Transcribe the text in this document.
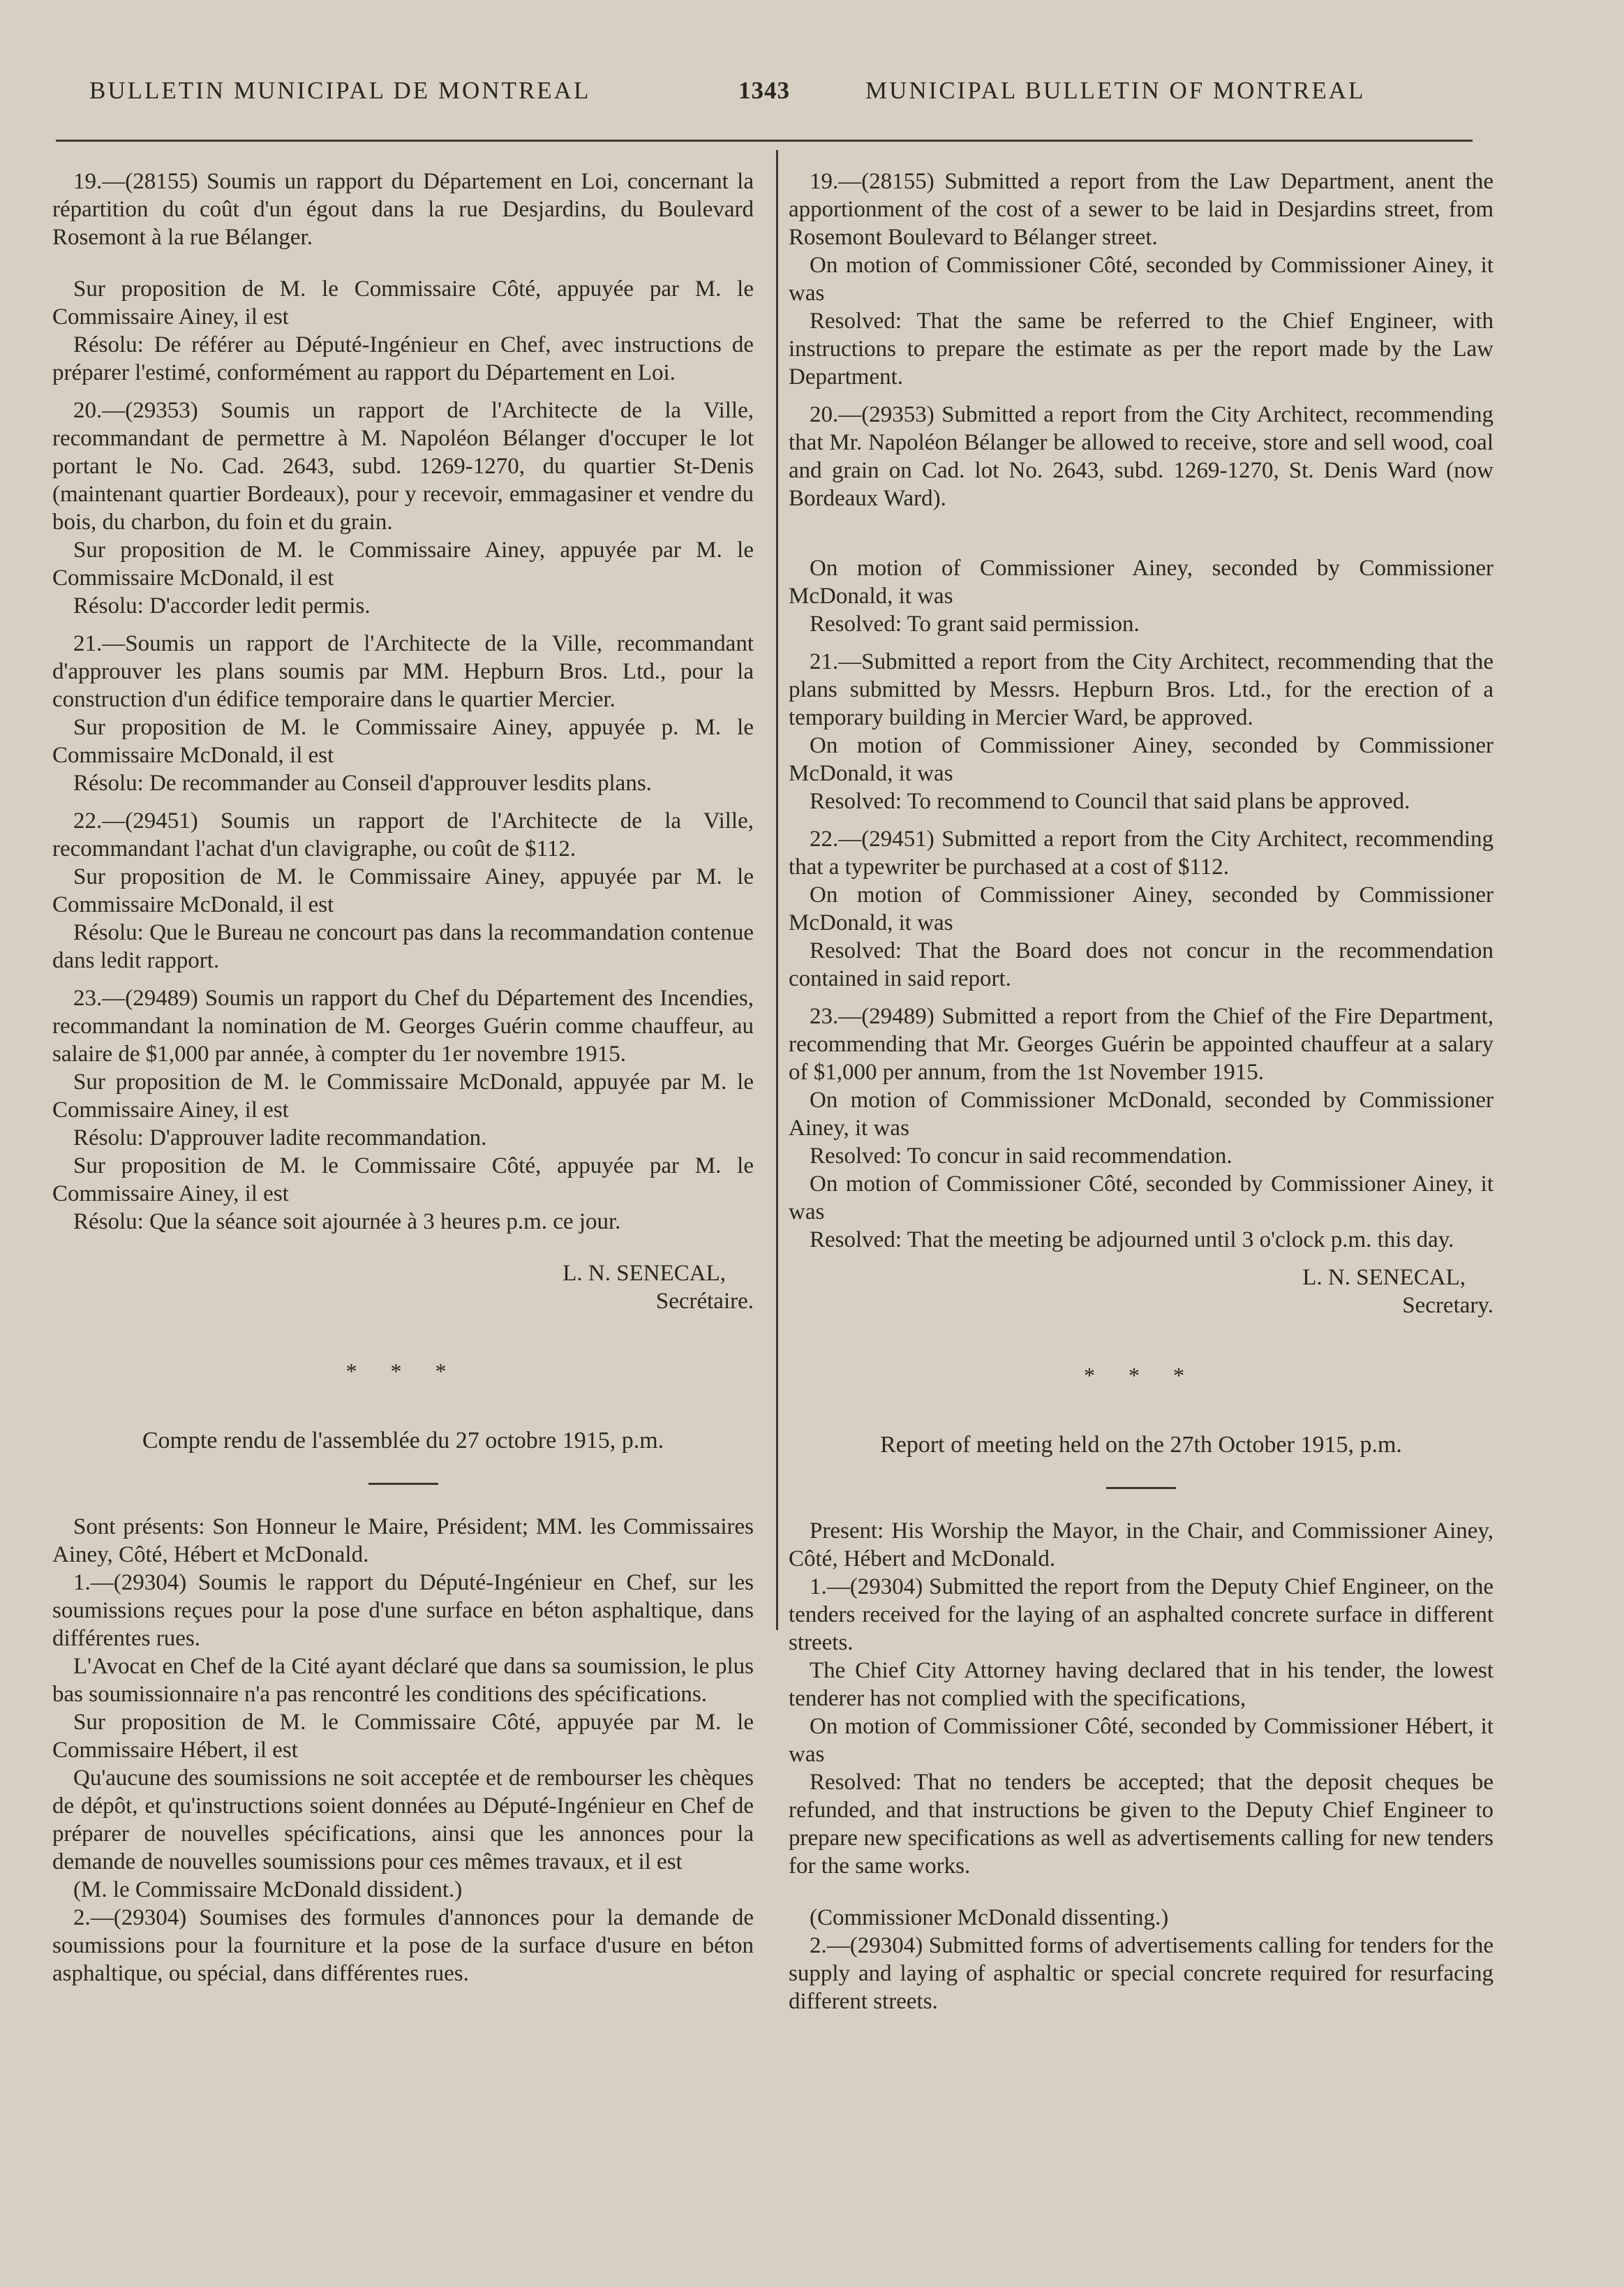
BULLETIN MUNICIPAL DE MONTREAL	1343	MUNICIPAL BULLETIN OF MONTREAL

19.—(28155) Soumis un rapport du Département en Loi, concernant la répartition du coût d'un égout dans la rue Desjardins, du Boulevard Rosemont à la rue Bélanger.

Sur proposition de M. le Commissaire Côté, appuyée par M. le Commissaire Ainey, il est

Résolu: De référer au Député-Ingénieur en Chef, avec instructions de préparer l'estimé, conformément au rapport du Département en Loi.

20.—(29353) Soumis un rapport de l'Architecte de la Ville, recommandant de permettre à M. Napoléon Bélanger d'occuper le lot portant le No. Cad. 2643, subd. 1269-1270, du quartier St-Denis (maintenant quartier Bordeaux), pour y recevoir, emmagasiner et vendre du bois, du charbon, du foin et du grain.

Sur proposition de M. le Commissaire Ainey, appuyée par M. le Commissaire McDonald, il est

Résolu: D'accorder ledit permis.

21.—Soumis un rapport de l'Architecte de la Ville, recommandant d'approuver les plans soumis par MM. Hepburn Bros. Ltd., pour la construction d'un édifice temporaire dans le quartier Mercier.

Sur proposition de M. le Commissaire Ainey, appuyée p. M. le Commissaire McDonald, il est

Résolu: De recommander au Conseil d'approuver lesdits plans.

22.—(29451) Soumis un rapport de l'Architecte de la Ville, recommandant l'achat d'un clavigraphe, ou coût de $112.

Sur proposition de M. le Commissaire Ainey, appuyée par M. le Commissaire McDonald, il est

Résolu: Que le Bureau ne concourt pas dans la recommandation contenue dans ledit rapport.

23.—(29489) Soumis un rapport du Chef du Département des Incendies, recommandant la nomination de M. Georges Guérin comme chauffeur, au salaire de $1,000 par année, à compter du 1er novembre 1915.

Sur proposition de M. le Commissaire McDonald, appuyée par M. le Commissaire Ainey, il est

Résolu: D'approuver ladite recommandation.

Sur proposition de M. le Commissaire Côté, appuyée par M. le Commissaire Ainey, il est

Résolu: Que la séance soit ajournée à 3 heures p.m. ce jour.

L. N. SENECAL,

Secrétaire.

* * *

Compte rendu de l'assemblée du 27 octobre 1915, p.m.

Sont présents: Son Honneur le Maire, Président; MM. les Commissaires Ainey, Côté, Hébert et McDonald.

1.—(29304) Soumis le rapport du Député-Ingénieur en Chef, sur les soumissions reçues pour la pose d'une surface en béton asphaltique, dans différentes rues.

L'Avocat en Chef de la Cité ayant déclaré que dans sa soumission, le plus bas soumissionnaire n'a pas rencontré les conditions des spécifications.

Sur proposition de M. le Commissaire Côté, appuyée par M. le Commissaire Hébert, il est

Qu'aucune des soumissions ne soit acceptée et de rembourser les chèques de dépôt, et qu'instructions soient données au Député-Ingénieur en Chef de préparer de nouvelles spécifications, ainsi que les annonces pour la demande de nouvelles soumissions pour ces mêmes travaux, et il est

(M. le Commissaire McDonald dissident.)

2.—(29304) Soumises des formules d'annonces pour la demande de soumissions pour la fourniture et la pose de la surface d'usure en béton asphaltique, ou spécial, dans différentes rues.

19.—(28155) Submitted a report from the Law Department, anent the apportionment of the cost of a sewer to be laid in Desjardins street, from Rosemont Boulevard to Bélanger street.

On motion of Commissioner Côté, seconded by Commissioner Ainey, it was

Resolved: That the same be referred to the Chief Engineer, with instructions to prepare the estimate as per the report made by the Law Department.

20.—(29353) Submitted a report from the City Architect, recommending that Mr. Napoléon Bélanger be allowed to receive, store and sell wood, coal and grain on Cad. lot No. 2643, subd. 1269-1270, St. Denis Ward (now Bordeaux Ward).

On motion of Commissioner Ainey, seconded by Commissioner McDonald, it was

Resolved: To grant said permission.

21.—Submitted a report from the City Architect, recommending that the plans submitted by Messrs. Hepburn Bros. Ltd., for the erection of a temporary building in Mercier Ward, be approved.

On motion of Commissioner Ainey, seconded by Commissioner McDonald, it was

Resolved: To recommend to Council that said plans be approved.

22.—(29451) Submitted a report from the City Architect, recommending that a typewriter be purchased at a cost of $112.

On motion of Commissioner Ainey, seconded by Commissioner McDonald, it was

Resolved: That the Board does not concur in the recommendation contained in said report.

23.—(29489) Submitted a report from the Chief of the Fire Department, recommending that Mr. Georges Guérin be appointed chauffeur at a salary of $1,000 per annum, from the 1st November 1915.

On motion of Commissioner McDonald, seconded by Commissioner Ainey, it was

Resolved: To concur in said recommendation.

On motion of Commissioner Côté, seconded by Commissioner Ainey, it was

Resolved: That the meeting be adjourned until 3 o'clock p.m. this day.

L. N. SENECAL,

Secretary.

* * *

Report of meeting held on the 27th October 1915, p.m.

Present: His Worship the Mayor, in the Chair, and Commissioner Ainey, Côté, Hébert and McDonald.

1.—(29304) Submitted the report from the Deputy Chief Engineer, on the tenders received for the laying of an asphalted concrete surface in different streets.

The Chief City Attorney having declared that in his tender, the lowest tenderer has not complied with the specifications,

On motion of Commissioner Côté, seconded by Commissioner Hébert, it was

Resolved: That no tenders be accepted; that the deposit cheques be refunded, and that instructions be given to the Deputy Chief Engineer to prepare new specifications as well as advertisements calling for new tenders for the same works.

(Commissioner McDonald dissenting.)

2.—(29304) Submitted forms of advertisements calling for tenders for the supply and laying of asphaltic or special concrete required for resurfacing different streets.
